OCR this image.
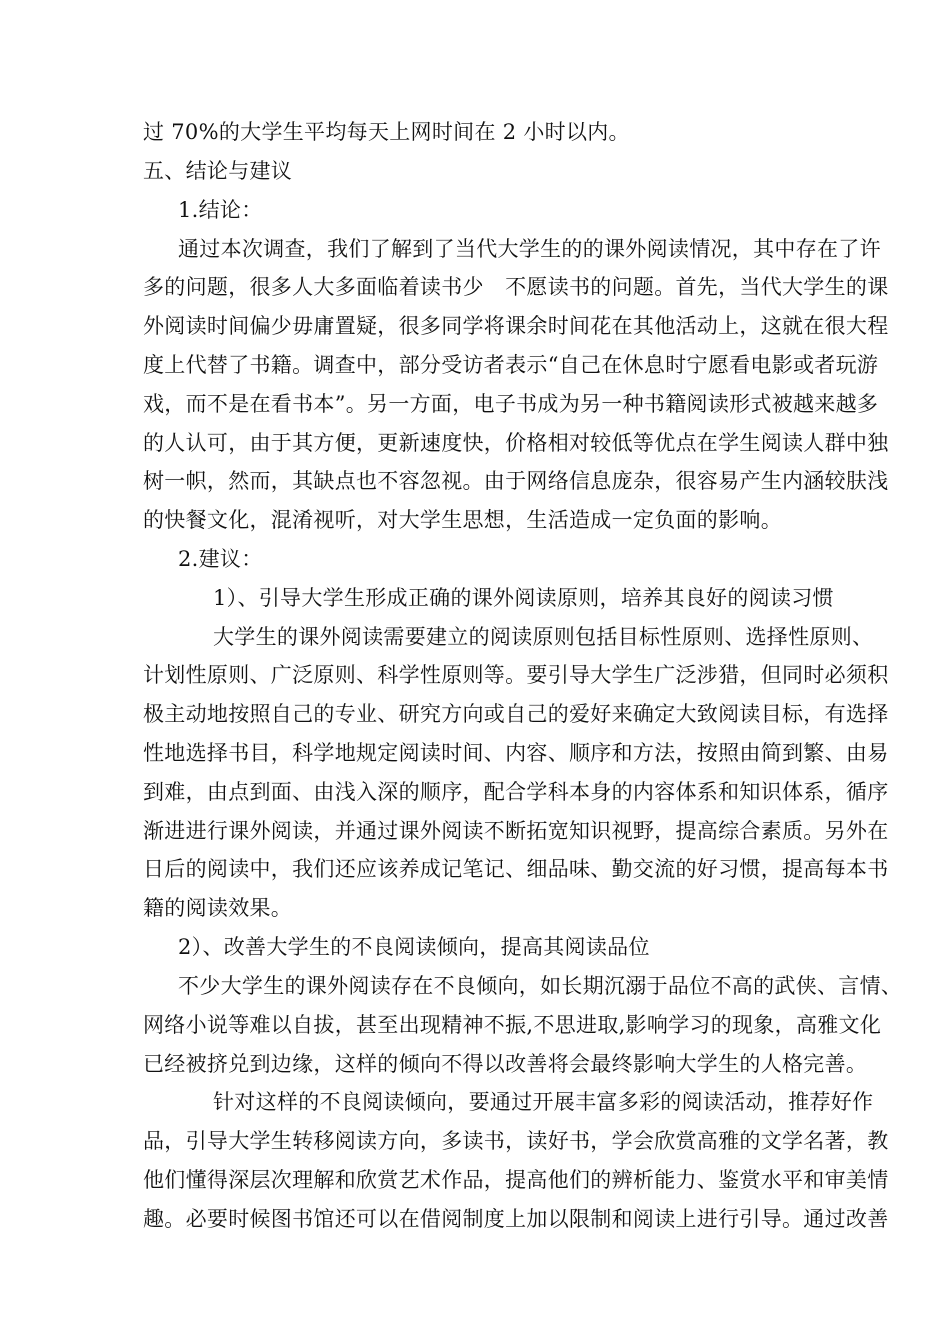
过 70%的大学生平均每天上网时间在 2 小时以内。
五、结论与建议
1.结论：
通过本次调查，我们了解到了当代大学生的的课外阅读情况，其中存在了许
多的问题，很多人大多面临着读书少　不愿读书的问题。首先，当代大学生的课
外阅读时间偏少毋庸置疑，很多同学将课余时间花在其他活动上，这就在很大程
度上代替了书籍。调查中，部分受访者表示“自己在休息时宁愿看电影或者玩游
戏，而不是在看书本”。另一方面，电子书成为另一种书籍阅读形式被越来越多
的人认可，由于其方便，更新速度快，价格相对较低等优点在学生阅读人群中独
树一帜，然而，其缺点也不容忽视。由于网络信息庞杂，很容易产生内涵较肤浅
的快餐文化，混淆视听，对大学生思想，生活造成一定负面的影响。
2.建议：
1）、引导大学生形成正确的课外阅读原则，培养其良好的阅读习惯
大学生的课外阅读需要建立的阅读原则包括目标性原则、选择性原则、
计划性原则、广泛原则、科学性原则等。要引导大学生广泛涉猎，但同时必须积
极主动地按照自己的专业、研究方向或自己的爱好来确定大致阅读目标，有选择
性地选择书目，科学地规定阅读时间、内容、顺序和方法，按照由简到繁、由易
到难，由点到面、由浅入深的顺序，配合学科本身的内容体系和知识体系，循序
渐进进行课外阅读，并通过课外阅读不断拓宽知识视野，提高综合素质。另外在
日后的阅读中，我们还应该养成记笔记、细品味、勤交流的好习惯，提高每本书
籍的阅读效果。
2）、改善大学生的不良阅读倾向，提高其阅读品位
不少大学生的课外阅读存在不良倾向，如长期沉溺于品位不高的武侠、言情、
网络小说等难以自拔，甚至出现精神不振,不思进取,影响学习的现象，高雅文化
已经被挤兑到边缘，这样的倾向不得以改善将会最终影响大学生的人格完善。
针对这样的不良阅读倾向，要通过开展丰富多彩的阅读活动，推荐好作
品，引导大学生转移阅读方向，多读书，读好书，学会欣赏高雅的文学名著，教
他们懂得深层次理解和欣赏艺术作品，提高他们的辨析能力、鉴赏水平和审美情
趣。必要时候图书馆还可以在借阅制度上加以限制和阅读上进行引导。通过改善
